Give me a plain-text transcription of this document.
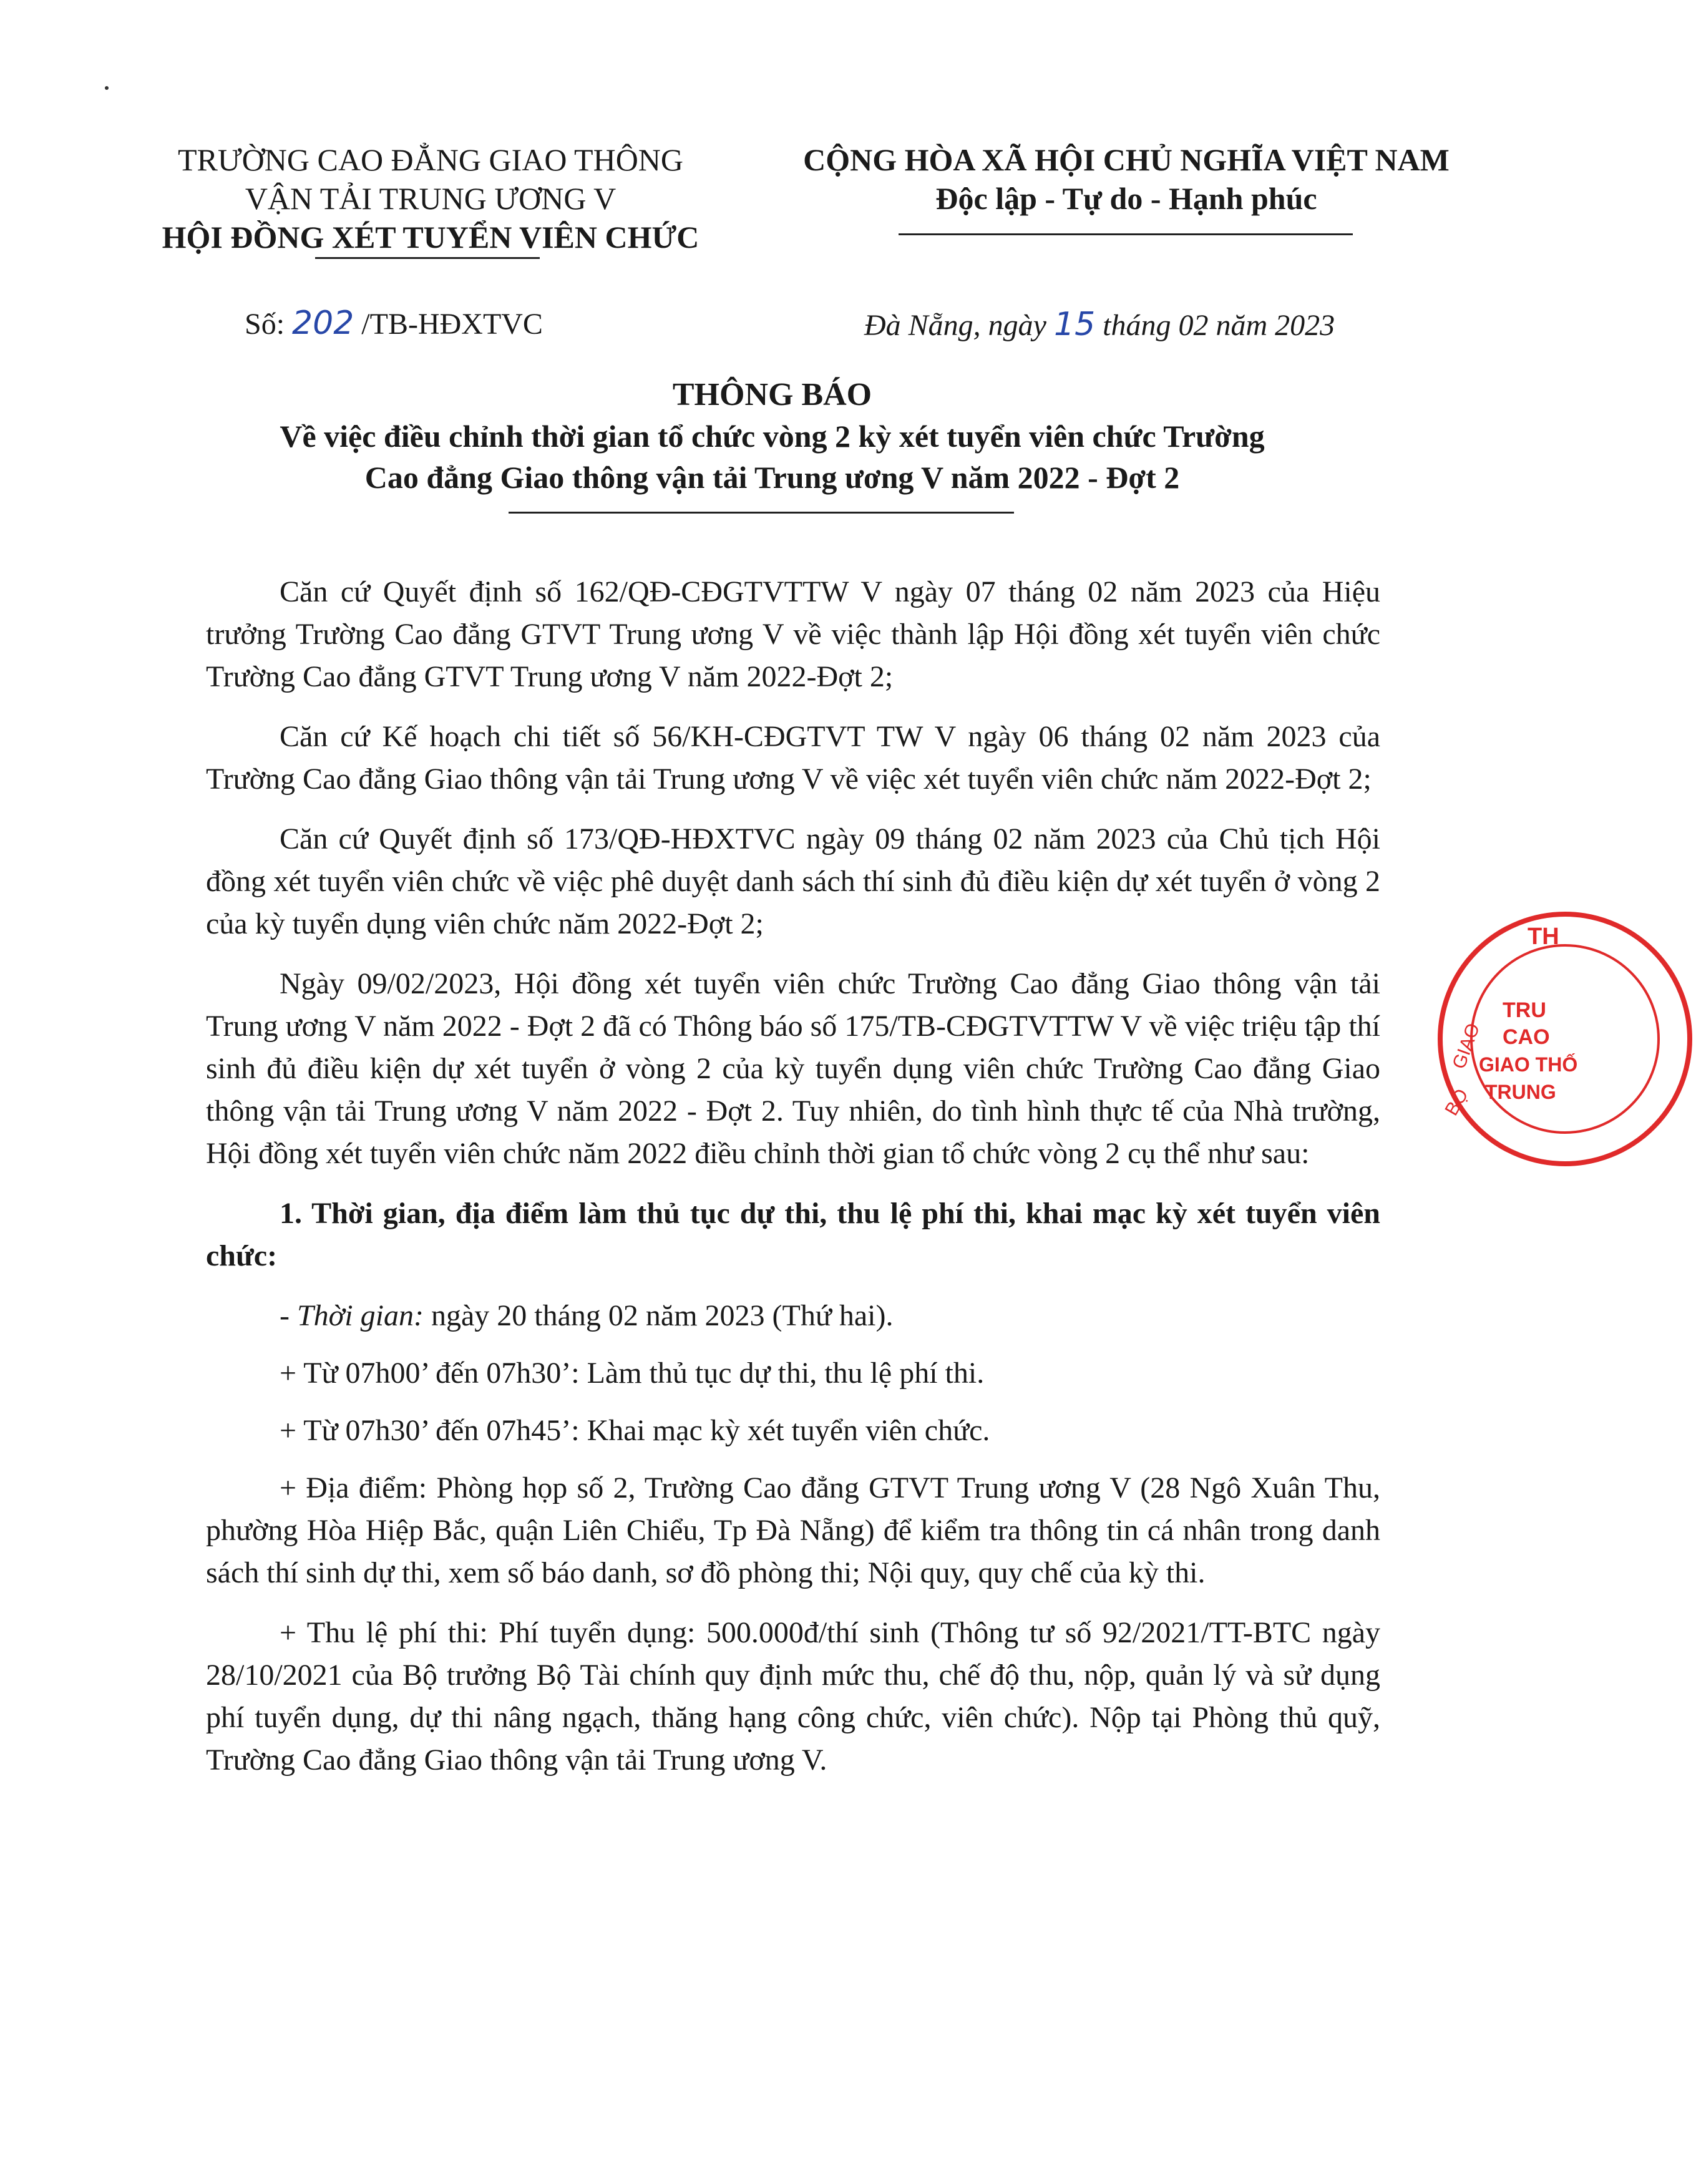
TRƯỜNG CAO ĐẲNG GIAO THÔNG
VẬN TẢI TRUNG ƯƠNG V
HỘI ĐỒNG XÉT TUYỂN VIÊN CHỨC
CỘNG HÒA XÃ HỘI CHỦ NGHĨA VIỆT NAM
Độc lập - Tự do - Hạnh phúc
Số: 202 /TB-HĐXTVC	Đà Nẵng, ngày 15 tháng 02 năm 2023
THÔNG BÁO
Về việc điều chỉnh thời gian tổ chức vòng 2 kỳ xét tuyển viên chức Trường
Cao đẳng Giao thông vận tải Trung ương V năm 2022 - Đợt 2

Căn cứ Quyết định số 162/QĐ-CĐGTVTTW V ngày 07 tháng 02 năm 2023 của Hiệu trưởng Trường Cao đẳng GTVT Trung ương V về việc thành lập Hội đồng xét tuyển viên chức Trường Cao đẳng GTVT Trung ương V năm 2022-Đợt 2;

Căn cứ Kế hoạch chi tiết số 56/KH-CĐGTVT TW V ngày 06 tháng 02 năm 2023 của Trường Cao đẳng Giao thông vận tải Trung ương V về việc xét tuyển viên chức năm 2022-Đợt 2;

Căn cứ Quyết định số 173/QĐ-HĐXTVC ngày 09 tháng 02 năm 2023 của Chủ tịch Hội đồng xét tuyển viên chức về việc phê duyệt danh sách thí sinh đủ điều kiện dự xét tuyển ở vòng 2 của kỳ tuyển dụng viên chức năm 2022-Đợt 2;

Ngày 09/02/2023, Hội đồng xét tuyển viên chức Trường Cao đẳng Giao thông vận tải Trung ương V năm 2022 - Đợt 2 đã có Thông báo số 175/TB-CĐGTVTTW V về việc triệu tập thí sinh đủ điều kiện dự xét tuyển ở vòng 2 của kỳ tuyển dụng viên chức Trường Cao đẳng Giao thông vận tải Trung ương V năm 2022 - Đợt 2. Tuy nhiên, do tình hình thực tế của Nhà trường, Hội đồng xét tuyển viên chức năm 2022 điều chỉnh thời gian tổ chức vòng 2 cụ thể như sau:

1. Thời gian, địa điểm làm thủ tục dự thi, thu lệ phí thi, khai mạc kỳ xét tuyển viên chức:

- Thời gian: ngày 20 tháng 02 năm 2023 (Thứ hai).

+ Từ 07h00’ đến 07h30’: Làm thủ tục dự thi, thu lệ phí thi.

+ Từ 07h30’ đến 07h45’: Khai mạc kỳ xét tuyển viên chức.

+ Địa điểm: Phòng họp số 2, Trường Cao đẳng GTVT Trung ương V (28 Ngô Xuân Thu, phường Hòa Hiệp Bắc, quận Liên Chiểu, Tp Đà Nẵng) để kiểm tra thông tin cá nhân trong danh sách thí sinh dự thi, xem số báo danh, sơ đồ phòng thi; Nội quy, quy chế của kỳ thi.

+ Thu lệ phí thi: Phí tuyển dụng: 500.000đ/thí sinh (Thông tư số 92/2021/TT-BTC ngày 28/10/2021 của Bộ trưởng Bộ Tài chính quy định mức thu, chế độ thu, nộp, quản lý và sử dụng phí tuyển dụng, dự thi nâng ngạch, thăng hạng công chức, viên chức). Nộp tại Phòng thủ quỹ, Trường Cao đẳng Giao thông vận tải Trung ương V.

TH
GIAO
BỘ
TRU
CAO
GIAO THỐ
TRUNG
